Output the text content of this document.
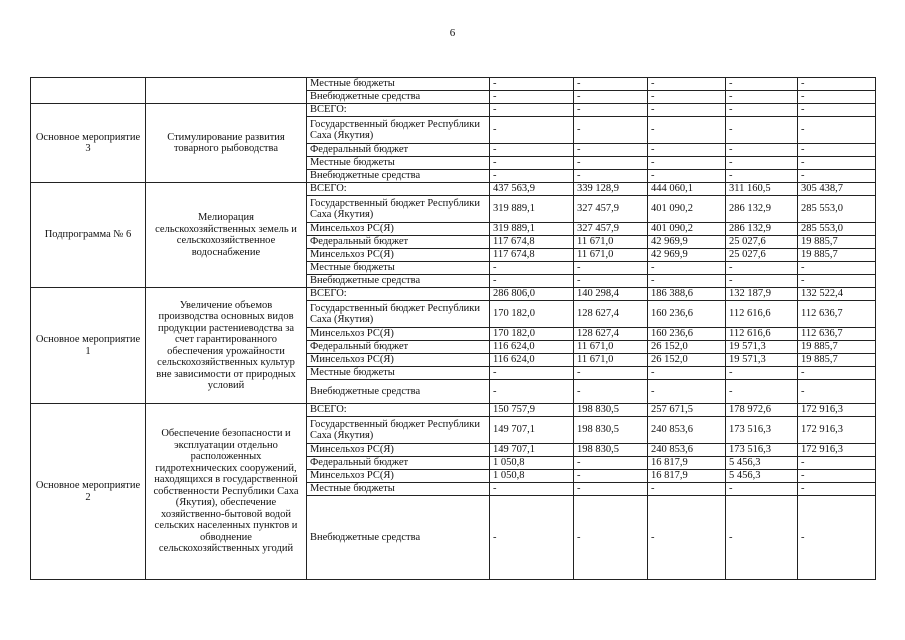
6
		Местные бюджеты	-	-	-	-	-
		Внебюджетные средства	-	-	-	-	-
Основное мероприятие 3	Стимулирование развития товарного рыбоводства	ВСЕГО:	-	-	-	-	-
		Государственный бюджет Республики Саха (Якутия)	-	-	-	-	-
		Федеральный бюджет	-	-	-	-	-
		Местные бюджеты	-	-	-	-	-
		Внебюджетные средства	-	-	-	-	-
Подпрограмма № 6	Мелиорация сельскохозяйственных земель и сельскохозяйственное водоснабжение	ВСЕГО:	437 563,9	339 128,9	444 060,1	311 160,5	305 438,7
		Государственный бюджет Республики Саха (Якутия)	319 889,1	327 457,9	401 090,2	286 132,9	285 553,0
		Минсельхоз РС(Я)	319 889,1	327 457,9	401 090,2	286 132,9	285 553,0
		Федеральный бюджет	117 674,8	11 671,0	42 969,9	25 027,6	19 885,7
		Минсельхоз РС(Я)	117 674,8	11 671,0	42 969,9	25 027,6	19 885,7
		Местные бюджеты	-	-	-	-	-
		Внебюджетные средства	-	-	-	-	-
Основное мероприятие 1	Увеличение объемов производства основных видов продукции растениеводства за счет гарантированного обеспечения урожайности сельскохозяйственных культур вне зависимости от природных условий	ВСЕГО:	286 806,0	140 298,4	186 388,6	132 187,9	132 522,4
		Государственный бюджет Республики Саха (Якутия)	170 182,0	128 627,4	160 236,6	112 616,6	112 636,7
		Минсельхоз РС(Я)	170 182,0	128 627,4	160 236,6	112 616,6	112 636,7
		Федеральный бюджет	116 624,0	11 671,0	26 152,0	19 571,3	19 885,7
		Минсельхоз РС(Я)	116 624,0	11 671,0	26 152,0	19 571,3	19 885,7
		Местные бюджеты	-	-	-	-	-
		Внебюджетные средства	-	-	-	-	-
Основное мероприятие 2	Обеспечение безопасности и эксплуатации отдельно расположенных гидротехнических сооружений, находящихся в государственной собственности Республики Саха (Якутия), обеспечение хозяйственно-бытовой водой сельских населенных пунктов и обводнение сельскохозяйственных угодий	ВСЕГО:	150 757,9	198 830,5	257 671,5	178 972,6	172 916,3
		Государственный бюджет Республики Саха (Якутия)	149 707,1	198 830,5	240 853,6	173 516,3	172 916,3
		Минсельхоз РС(Я)	149 707,1	198 830,5	240 853,6	173 516,3	172 916,3
		Федеральный бюджет	1 050,8	-	16 817,9	5 456,3	-
		Минсельхоз РС(Я)	1 050,8	-	16 817,9	5 456,3	-
		Местные бюджеты	-	-	-	-	-
		Внебюджетные средства	-	-	-	-	-
